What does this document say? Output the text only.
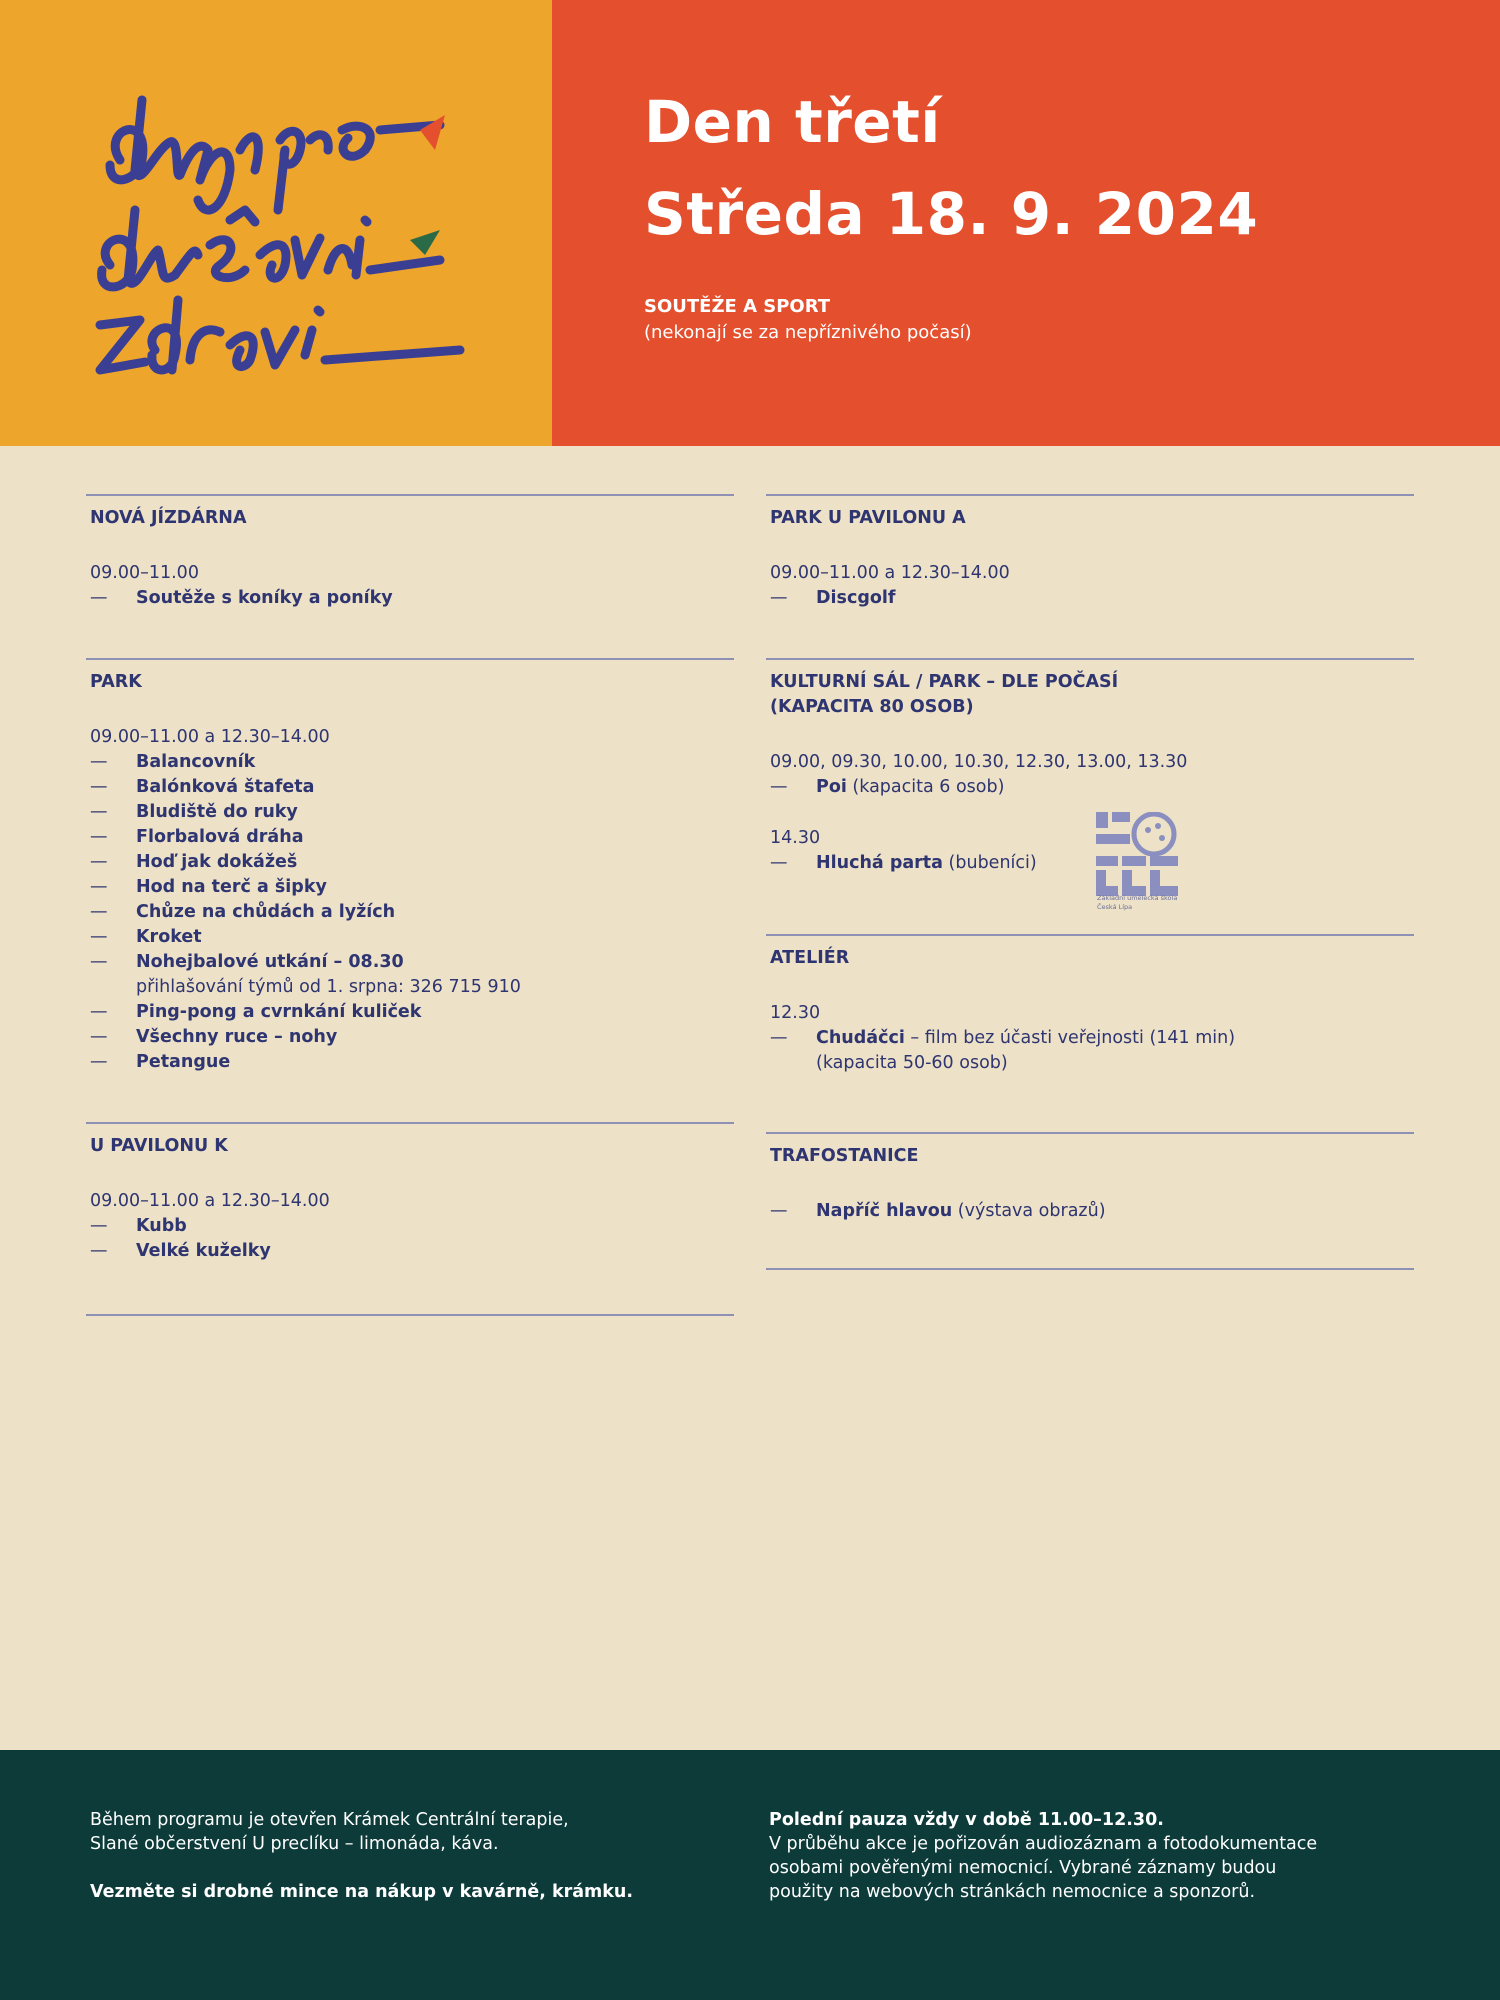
Den třetí
Středa 18. 9. 2024

SOUTĚŽE A SPORT

(nekonají se za nepříznivého počasí)

NOVÁ JÍZDÁRNA

09.00–11.00

—	Soutěže s koníky a poníky

PARK

09.00–11.00 a 12.30–14.00

—	Balancovník
—	Balónková štafeta
—	Bludiště do ruky
—	Florbalová dráha
—	Hoď jak dokážeš
—	Hod na terč a šipky
—	Chůze na chůdách a lyžích
—	Kroket
—	Nohejbalové utkání – 08.30
přihlašování týmů od 1. srpna: 326 715 910
—	Ping-pong a cvrnkání kuliček
—	Všechny ruce – nohy
—	Petangue

U PAVILONU K

09.00–11.00 a 12.30–14.00

—	Kubb
—	Velké kuželky

PARK U PAVILONU A

09.00–11.00 a 12.30–14.00

—	Discgolf

KULTURNÍ SÁL / PARK – DLE POČASÍ
(KAPACITA 80 OSOB)

09.00, 09.30, 10.00, 10.30, 12.30, 13.00, 13.30

—	Poi (kapacita 6 osob)

14.30

—	Hluchá parta (bubeníci)

ATELIÉR

12.30

—	Chudáčci – film bez účasti veřejnosti (141 min)
(kapacita 50-60 osob)

TRAFOSTANICE

—	Napříč hlavou (výstava obrazů)
Základní umělecká škola
Česká Lípa
Během programu je otevřen Krámek Centrální terapie,
Slané občerstvení U preclíku – limonáda, káva.
Vezměte si drobné mince na nákup v kavárně, krámku.
Polední pauza vždy v době 11.00–12.30.
V průběhu akce je pořizován audiozáznam a fotodokumentace
osobami pověřenými nemocnicí. Vybrané záznamy budou
použity na webových stránkách nemocnice a sponzorů.
